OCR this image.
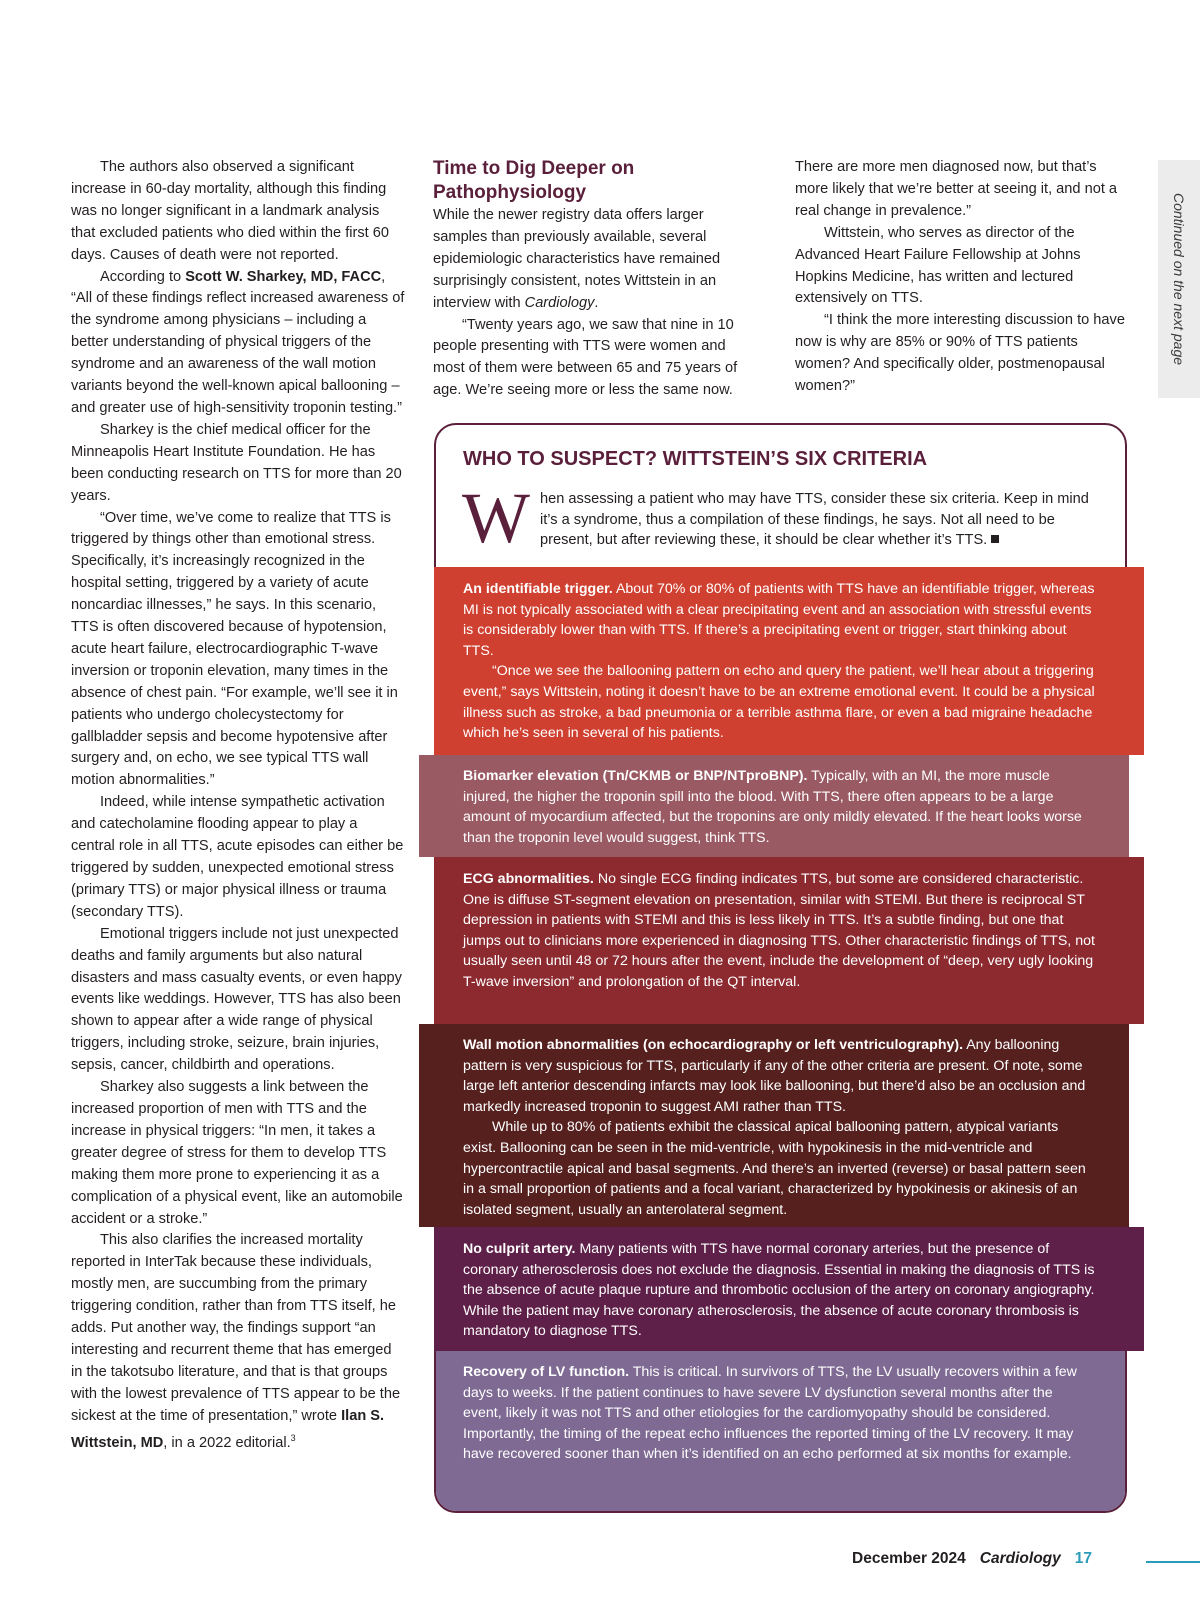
The authors also observed a significant increase in 60-day mortality, although this finding was no longer significant in a landmark analysis that excluded patients who died within the first 60 days. Causes of death were not reported.

According to Scott W. Sharkey, MD, FACC, “All of these findings reflect increased awareness of the syndrome among physicians – including a better understanding of physical triggers of the syndrome and an awareness of the wall motion variants beyond the well-known apical ballooning – and greater use of high-sensitivity troponin testing.”

Sharkey is the chief medical officer for the Minneapolis Heart Institute Foundation. He has been conducting research on TTS for more than 20 years.

“Over time, we’ve come to realize that TTS is triggered by things other than emotional stress. Specifically, it’s increasingly recognized in the hospital setting, triggered by a variety of acute noncardiac illnesses,” he says. In this scenario, TTS is often discovered because of hypotension, acute heart failure, electrocardiographic T-wave inversion or troponin elevation, many times in the absence of chest pain. “For example, we’ll see it in patients who undergo cholecystectomy for gallbladder sepsis and become hypotensive after surgery and, on echo, we see typical TTS wall motion abnormalities.”

Indeed, while intense sympathetic activation and catecholamine flooding appear to play a central role in all TTS, acute episodes can either be triggered by sudden, unexpected emotional stress (primary TTS) or major physical illness or trauma (secondary TTS).

Emotional triggers include not just unexpected deaths and family arguments but also natural disasters and mass casualty events, or even happy events like weddings. However, TTS has also been shown to appear after a wide range of physical triggers, including stroke, seizure, brain injuries, sepsis, cancer, childbirth and operations.

Sharkey also suggests a link between the increased proportion of men with TTS and the increase in physical triggers: “In men, it takes a greater degree of stress for them to develop TTS making them more prone to experiencing it as a complication of a physical event, like an automobile accident or a stroke.”

This also clarifies the increased mortality reported in InterTak because these individuals, mostly men, are succumbing from the primary triggering condition, rather than from TTS itself, he adds. Put another way, the findings support “an interesting and recurrent theme that has emerged in the takotsubo literature, and that is that groups with the lowest prevalence of TTS appear to be the sickest at the time of presentation,” wrote Ilan S. Wittstein, MD, in a 2022 editorial.$^3$

Time to Dig Deeper on Pathophysiology

While the newer registry data offers larger samples than previously available, several epidemiologic characteristics have remained surprisingly consistent, notes Wittstein in an interview with Cardiology.

“Twenty years ago, we saw that nine in 10 people presenting with TTS were women and most of them were between 65 and 75 years of age. We’re seeing more or less the same now.

There are more men diagnosed now, but that’s more likely that we’re better at seeing it, and not a real change in prevalence.”

Wittstein, who serves as director of the Advanced Heart Failure Fellowship at Johns Hopkins Medicine, has written and lectured extensively on TTS.

“I think the more interesting discussion to have now is why are 85% or 90% of TTS patients women? And specifically older, postmenopausal women?”

Continued on the next page
WHO TO SUSPECT? WITTSTEIN’S SIX CRITERIA
W hen assessing a patient who may have TTS, consider these six criteria. Keep in mind it’s a syndrome, thus a compilation of these findings, he says. Not all need to be present, but after reviewing these, it should be clear whether it’s TTS.

An identifiable trigger. About 70% or 80% of patients with TTS have an identifiable trigger, whereas MI is not typically associated with a clear precipitating event and an association with stressful events is considerably lower than with TTS. If there’s a precipitating event or trigger, start thinking about TTS.

“Once we see the ballooning pattern on echo and query the patient, we’ll hear about a triggering event,” says Wittstein, noting it doesn’t have to be an extreme emotional event. It could be a physical illness such as stroke, a bad pneumonia or a terrible asthma flare, or even a bad migraine headache which he’s seen in several of his patients.

Biomarker elevation (Tn/CKMB or BNP/NTproBNP). Typically, with an MI, the more muscle injured, the higher the troponin spill into the blood. With TTS, there often appears to be a large amount of myocardium affected, but the troponins are only mildly elevated. If the heart looks worse than the troponin level would suggest, think TTS.

ECG abnormalities. No single ECG finding indicates TTS, but some are considered characteristic. One is diffuse ST-segment elevation on presentation, similar with STEMI. But there is reciprocal ST depression in patients with STEMI and this is less likely in TTS. It’s a subtle finding, but one that jumps out to clinicians more experienced in diagnosing TTS. Other characteristic findings of TTS, not usually seen until 48 or 72 hours after the event, include the development of “deep, very ugly looking T-wave inversion” and prolongation of the QT interval.

Wall motion abnormalities (on echocardiography or left ventriculography). Any ballooning pattern is very suspicious for TTS, particularly if any of the other criteria are present. Of note, some large left anterior descending infarcts may look like ballooning, but there’d also be an occlusion and markedly increased troponin to suggest AMI rather than TTS.

While up to 80% of patients exhibit the classical apical ballooning pattern, atypical variants exist. Ballooning can be seen in the mid-ventricle, with hypokinesis in the mid-ventricle and hypercontractile apical and basal segments. And there’s an inverted (reverse) or basal pattern seen in a small proportion of patients and a focal variant, characterized by hypokinesis or akinesis of an isolated segment, usually an anterolateral segment.

No culprit artery. Many patients with TTS have normal coronary arteries, but the presence of coronary atherosclerosis does not exclude the diagnosis. Essential in making the diagnosis of TTS is the absence of acute plaque rupture and thrombotic occlusion of the artery on coronary angiography. While the patient may have coronary atherosclerosis, the absence of acute coronary thrombosis is mandatory to diagnose TTS.

Recovery of LV function. This is critical. In survivors of TTS, the LV usually recovers within a few days to weeks. If the patient continues to have severe LV dysfunction several months after the event, likely it was not TTS and other etiologies for the cardiomyopathy should be considered. Importantly, the timing of the repeat echo influences the reported timing of the LV recovery. It may have recovered sooner than when it’s identified on an echo performed at six months for example.

December 2024 Cardiology 17
